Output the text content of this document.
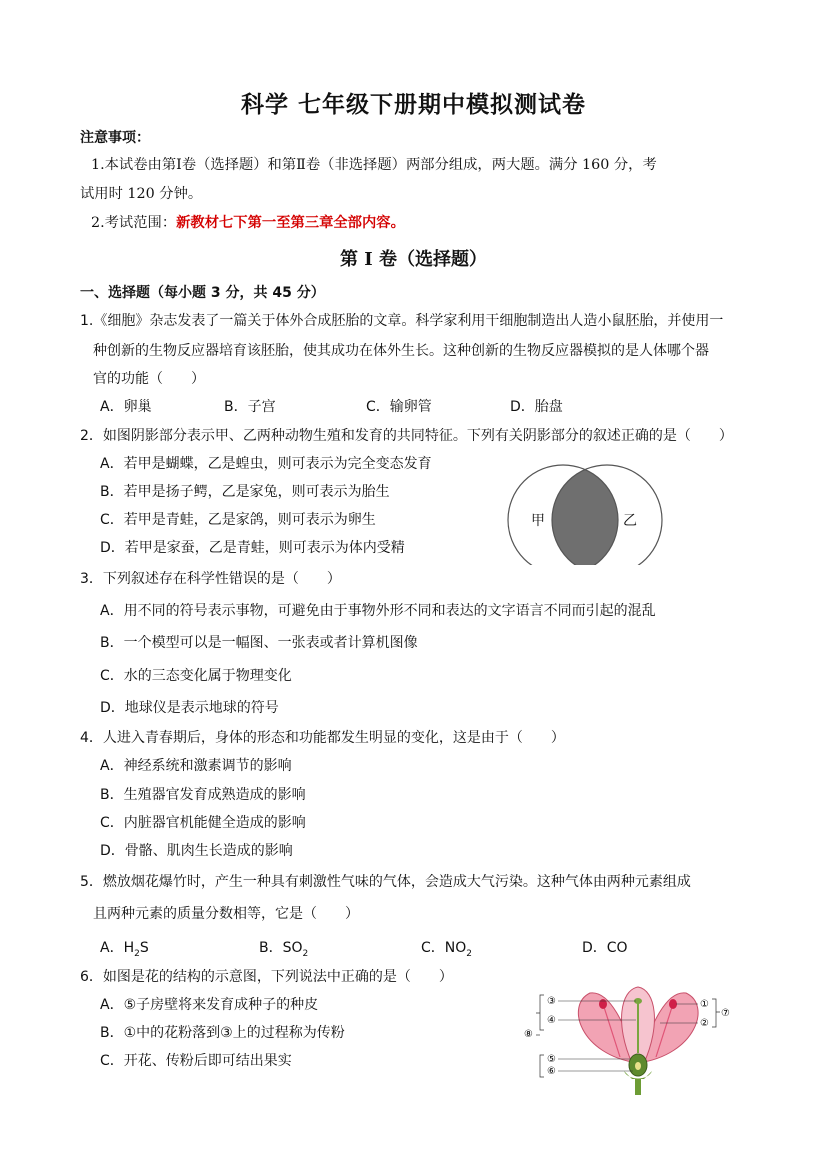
科学 七年级下册期中模拟测试卷
注意事项：
1.本试卷由第Ⅰ卷（选择题）和第Ⅱ卷（非选择题）两部分组成，两大题。满分 160 分，考
试用时 120 分钟。
2.考试范围：新教材七下第一至第三章全部内容。
第 I 卷（选择题）
一、选择题（每小题 3 分，共 45 分）
1.《细胞》杂志发表了一篇关于体外合成胚胎的文章。科学家利用干细胞制造出人造小鼠胚胎，并使用一
种创新的生物反应器培育该胚胎，使其成功在体外生长。这种创新的生物反应器模拟的是人体哪个器
官的功能（　　）
A．卵巢	B．子宫	C．输卵管	D．胎盘
2．如图阴影部分表示甲、乙两种动物生殖和发育的共同特征。下列有关阴影部分的叙述正确的是（　　）
A．若甲是蝴蝶，乙是蝗虫，则可表示为完全变态发育
B．若甲是扬子鳄，乙是家兔，则可表示为胎生
C．若甲是青蛙，乙是家鸽，则可表示为卵生
D．若甲是家蚕，乙是青蛙，则可表示为体内受精
甲	乙
3．下列叙述存在科学性错误的是（　　）
A．用不同的符号表示事物，可避免由于事物外形不同和表达的文字语言不同而引起的混乱
B．一个模型可以是一幅图、一张表或者计算机图像
C．水的三态变化属于物理变化
D．地球仪是表示地球的符号
4．人进入青春期后，身体的形态和功能都发生明显的变化，这是由于（　　）
A．神经系统和激素调节的影响
B．生殖器官发育成熟造成的影响
C．内脏器官机能健全造成的影响
D．骨骼、肌肉生长造成的影响
5．燃放烟花爆竹时，产生一种具有刺激性气味的气体，会造成大气污染。这种气体由两种元素组成
且两种元素的质量分数相等，它是（　　）
A．$H_2S$	B．$SO_2$	C．$NO_2$	D．CO
6．如图是花的结构的示意图，下列说法中正确的是（　　）
A．⑤子房壁将来发育成种子的种皮
B．①中的花粉落到③上的过程称为传粉
C．开花、传粉后即可结出果实
③
④
⑧
⑤
⑥
①
②
⑦
